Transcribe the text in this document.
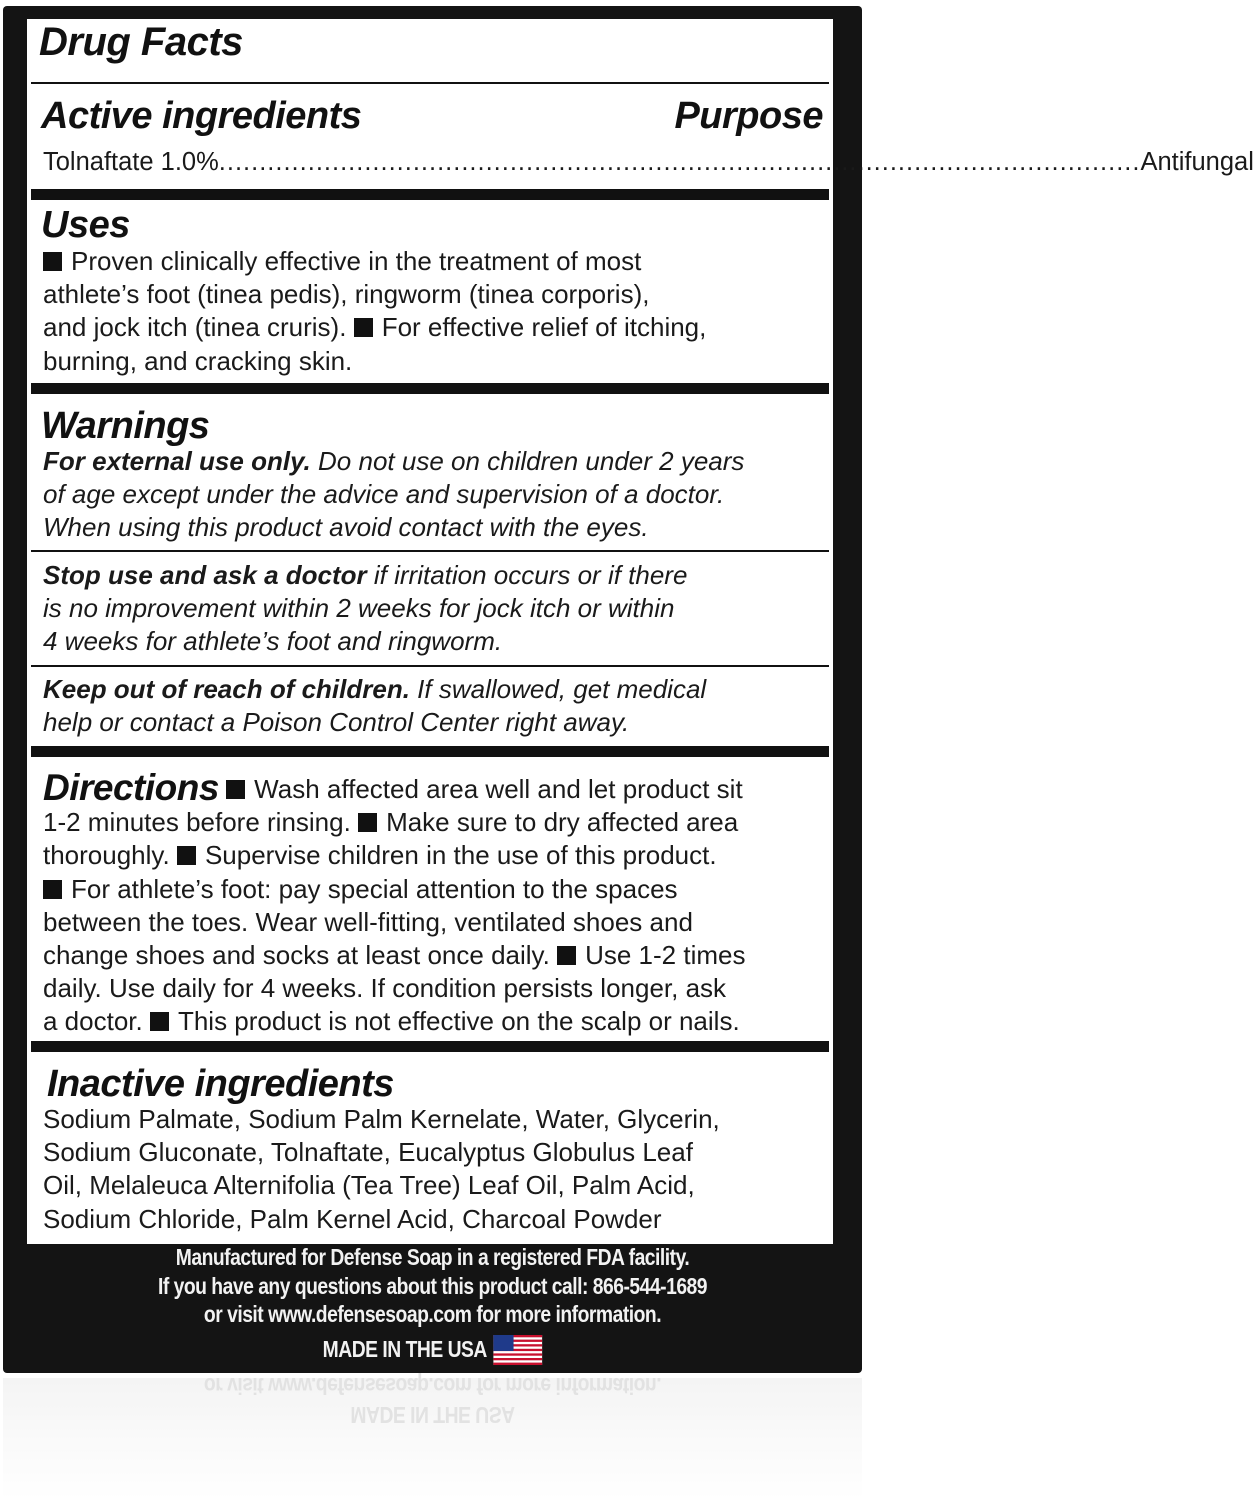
Drug Facts
Active ingredients	Purpose
Tolnaftate 1.0% .................................................................................................................. Antifungal
Uses
Proven clinically effective in the treatment of most
athlete’s foot (tinea pedis), ringworm (tinea corporis),
and jock itch (tinea cruris). For effective relief of itching,
burning, and cracking skin.
Warnings
For external use only. Do not use on children under 2 years
of age except under the advice and supervision of a doctor.
When using this product avoid contact with the eyes.
Stop use and ask a doctor if irritation occurs or if there
is no improvement within 2 weeks for jock itch or within
4 weeks for athlete’s foot and ringworm.
Keep out of reach of children. If swallowed, get medical
help or contact a Poison Control Center right away.
Directions Wash affected area well and let product sit
1-2 minutes before rinsing. Make sure to dry affected area
thoroughly. Supervise children in the use of this product.
For athlete’s foot: pay special attention to the spaces
between the toes. Wear well-fitting, ventilated shoes and
change shoes and socks at least once daily. Use 1-2 times
daily. Use daily for 4 weeks. If condition persists longer, ask
a doctor. This product is not effective on the scalp or nails.
Inactive ingredients
Sodium Palmate, Sodium Palm Kernelate, Water, Glycerin,
Sodium Gluconate, Tolnaftate, Eucalyptus Globulus Leaf
Oil, Melaleuca Alternifolia (Tea Tree) Leaf Oil, Palm Acid,
Sodium Chloride, Palm Kernel Acid, Charcoal Powder
Manufactured for Defense Soap in a registered FDA facility.
If you have any questions about this product call: 866-544-1689
or visit www.defensesoap.com for more information.
MADE IN THE USA
MADE IN THE USA
or visit www.defensesoap.com for more information.
